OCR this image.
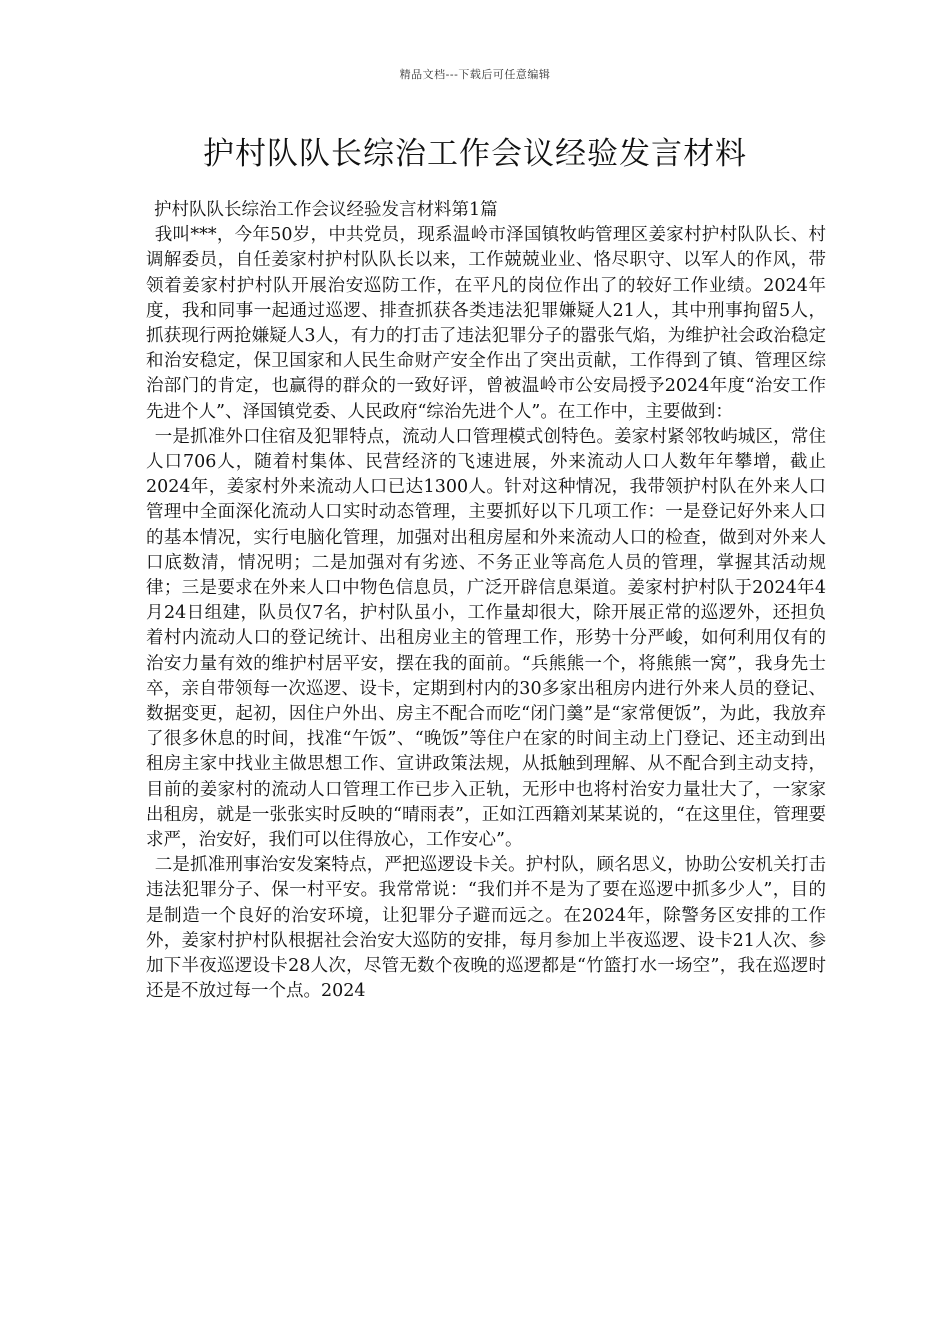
精品文档---下载后可任意编辑
护村队队长综治工作会议经验发言材料

护村队队长综治工作会议经验发言材料第1篇

我叫***，今年50岁，中共党员，现系温岭市泽国镇牧屿管理区姜家村护村队队长、村调解委员，自任姜家村护村队队长以来，工作兢兢业业、恪尽职守、以军人的作风，带领着姜家村护村队开展治安巡防工作，在平凡的岗位作出了的较好工作业绩。2024年度，我和同事一起通过巡逻、排查抓获各类违法犯罪嫌疑人21人，其中刑事拘留5人，抓获现行两抢嫌疑人3人，有力的打击了违法犯罪分子的嚣张气焰，为维护社会政治稳定和治安稳定，保卫国家和人民生命财产安全作出了突出贡献，工作得到了镇、管理区综治部门的肯定，也赢得的群众的一致好评，曾被温岭市公安局授予2024年度“治安工作先进个人”、泽国镇党委、人民政府“综治先进个人”。在工作中，主要做到：

一是抓准外口住宿及犯罪特点，流动人口管理模式创特色。姜家村紧邻牧屿城区，常住人口706人，随着村集体、民营经济的飞速进展，外来流动人口人数年年攀增，截止 2024年，姜家村外来流动人口已达1300人。针对这种情况，我带领护村队在外来人口管理中全面深化流动人口实时动态管理，主要抓好以下几项工作：一是登记好外来人口的基本情况，实行电脑化管理，加强对出租房屋和外来流动人口的检查，做到对外来人口底数清，情况明；二是加强对有劣迹、不务正业等高危人员的管理，掌握其活动规律；三是要求在外来人口中物色信息员，广泛开辟信息渠道。姜家村护村队于2024年4月24日组建，队员仅7名，护村队虽小，工作量却很大，除开展正常的巡逻外，还担负着村内流动人口的登记统计、出租房业主的管理工作，形势十分严峻，如何利用仅有的治安力量有效的维护村居平安，摆在我的面前。“兵熊熊一个，将熊熊一窝”，我身先士卒，亲自带领每一次巡逻、设卡，定期到村内的30多家出租房内进行外来人员的登记、数据变更，起初，因住户外出、房主不配合而吃“闭门羹”是“家常便饭”，为此，我放弃了很多休息的时间，找准“午饭”、“晚饭”等住户在家的时间主动上门登记、还主动到出租房主家中找业主做思想工作、宣讲政策法规，从抵触到理解、从不配合到主动支持，目前的姜家村的流动人口管理工作已步入正轨，无形中也将村治安力量壮大了，一家家出租房，就是一张张实时反映的“晴雨表”，正如江西籍刘某某说的，“在这里住，管理要求严，治安好，我们可以住得放心，工作安心”。

二是抓准刑事治安发案特点，严把巡逻设卡关。护村队，顾名思义，协助公安机关打击违法犯罪分子、保一村平安。我常常说：“我们并不是为了要在巡逻中抓多少人”，目的是制造一个良好的治安环境，让犯罪分子避而远之。在2024年，除警务区安排的工作外，姜家村护村队根据社会治安大巡防的安排，每月参加上半夜巡逻、设卡21人次、参加下半夜巡逻设卡28人次，尽管无数个夜晚的巡逻都是“竹篮打水一场空”，我在巡逻时还是不放过每一个点。2024
